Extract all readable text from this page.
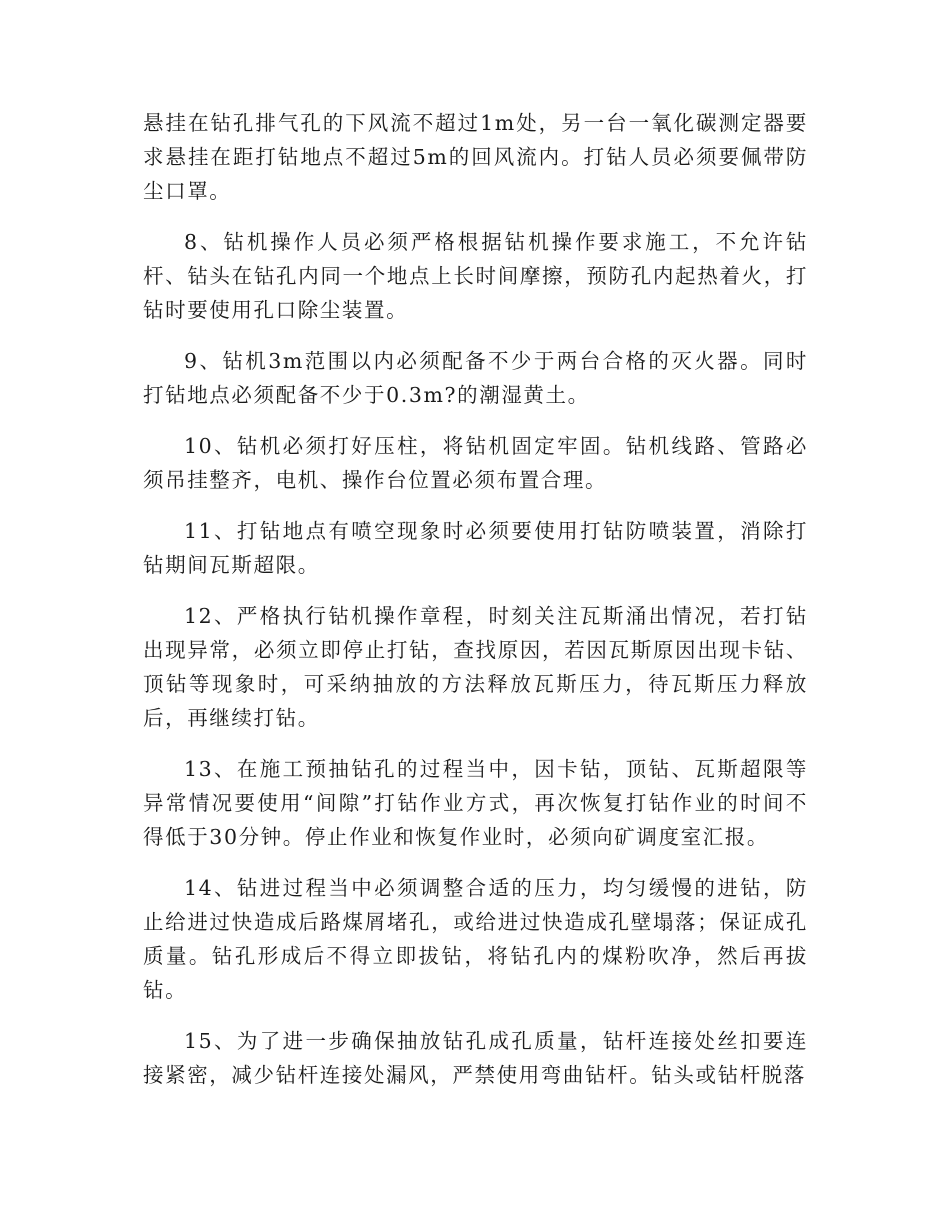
悬挂在钻孔排气孔的下风流不超过1m处，另一台一氧化碳测定器要求悬挂在距打钻地点不超过5m的回风流内。打钻人员必须要佩带防尘口罩。

8、钻机操作人员必须严格根据钻机操作要求施工，不允许钻杆、钻头在钻孔内同一个地点上长时间摩擦，预防孔内起热着火，打钻时要使用孔口除尘装置。

9、钻机3m范围以内必须配备不少于两台合格的灭火器。同时打钻地点必须配备不少于0.3m?的潮湿黄土。

10、钻机必须打好压柱，将钻机固定牢固。钻机线路、管路必须吊挂整齐，电机、操作台位置必须布置合理。

11、打钻地点有喷空现象时必须要使用打钻防喷装置，消除打钻期间瓦斯超限。

12、严格执行钻机操作章程，时刻关注瓦斯涌出情况，若打钻出现异常，必须立即停止打钻，查找原因，若因瓦斯原因出现卡钻、顶钻等现象时，可采纳抽放的方法释放瓦斯压力，待瓦斯压力释放后，再继续打钻。

13、在施工预抽钻孔的过程当中，因卡钻，顶钻、瓦斯超限等异常情况要使用“间隙”打钻作业方式，再次恢复打钻作业的时间不得低于30分钟。停止作业和恢复作业时，必须向矿调度室汇报。

14、钻进过程当中必须调整合适的压力，均匀缓慢的进钻，防止给进过快造成后路煤屑堵孔，或给进过快造成孔壁塌落；保证成孔质量。钻孔形成后不得立即拔钻，将钻孔内的煤粉吹净，然后再拔钻。

15、为了进一步确保抽放钻孔成孔质量，钻杆连接处丝扣要连接紧密，减少钻杆连接处漏风，严禁使用弯曲钻杆。钻头或钻杆脱落
